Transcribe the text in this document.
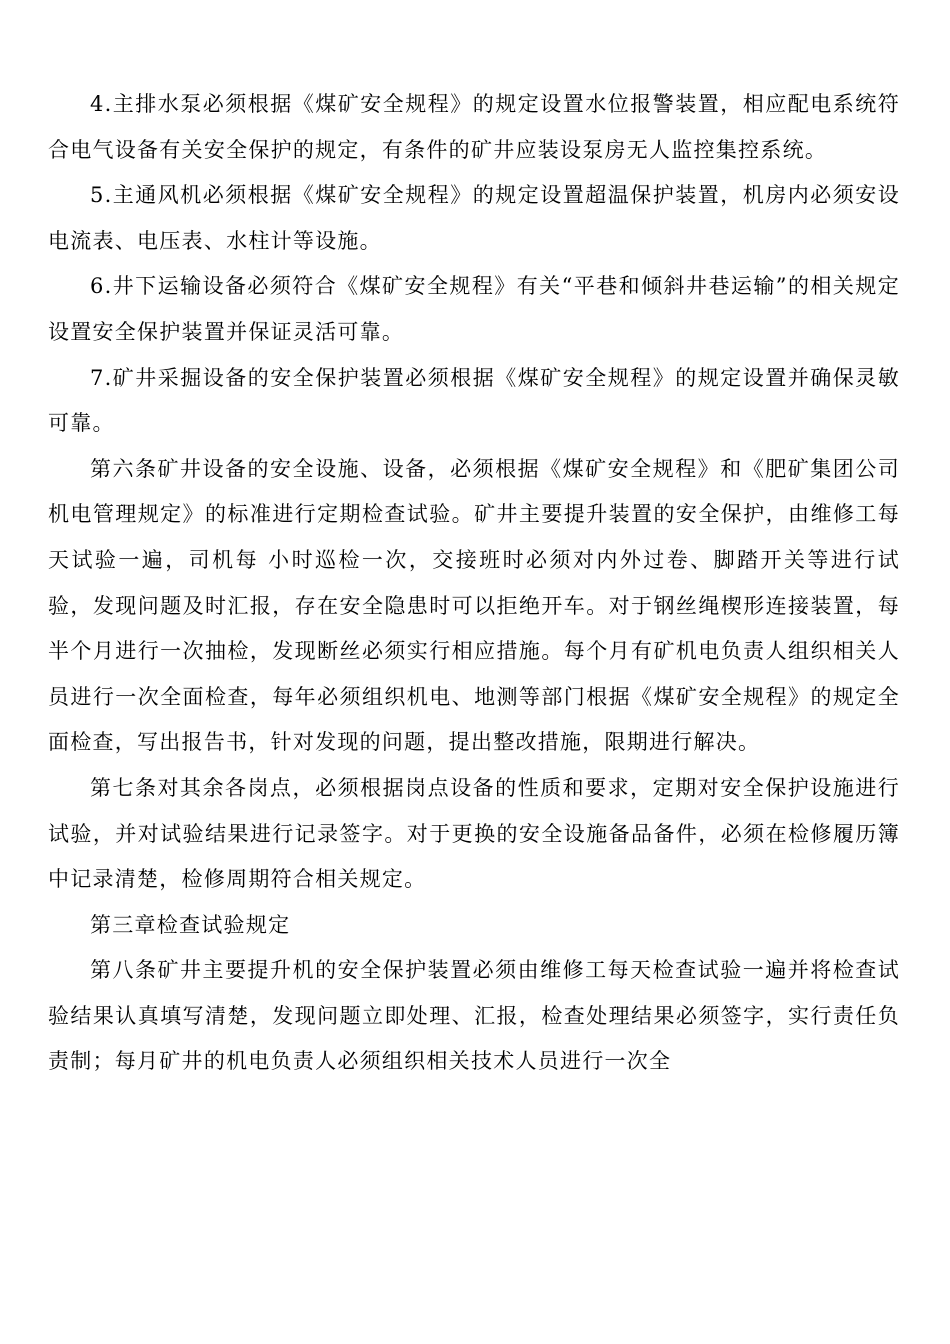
4.主排水泵必须根据《煤矿安全规程》的规定设置水位报警装置，相应配电系统符合电气设备有关安全保护的规定，有条件的矿井应装设泵房无人监控集控系统。

5.主通风机必须根据《煤矿安全规程》的规定设置超温保护装置，机房内必须安设电流表、电压表、水柱计等设施。

6.井下运输设备必须符合《煤矿安全规程》有关“平巷和倾斜井巷运输”的相关规定设置安全保护装置并保证灵活可靠。

7.矿井采掘设备的安全保护装置必须根据《煤矿安全规程》的规定设置并确保灵敏可靠。

第六条矿井设备的安全设施、设备，必须根据《煤矿安全规程》和《肥矿集团公司机电管理规定》的标准进行定期检查试验。矿井主要提升装置的安全保护，由维修工每天试验一遍，司机每 小时巡检一次，交接班时必须对内外过卷、脚踏开关等进行试验，发现问题及时汇报，存在安全隐患时可以拒绝开车。对于钢丝绳楔形连接装置，每半个月进行一次抽检，发现断丝必须实行相应措施。每个月有矿机电负责人组织相关人员进行一次全面检查，每年必须组织机电、地测等部门根据《煤矿安全规程》的规定全面检查，写出报告书，针对发现的问题，提出整改措施，限期进行解决。

第七条对其余各岗点，必须根据岗点设备的性质和要求，定期对安全保护设施进行试验，并对试验结果进行记录签字。对于更换的安全设施备品备件，必须在检修履历簿中记录清楚，检修周期符合相关规定。

第三章检查试验规定

第八条矿井主要提升机的安全保护装置必须由维修工每天检查试验一遍并将检查试验结果认真填写清楚，发现问题立即处理、汇报，检查处理结果必须签字，实行责任负责制；每月矿井的机电负责人必须组织相关技术人员进行一次全
